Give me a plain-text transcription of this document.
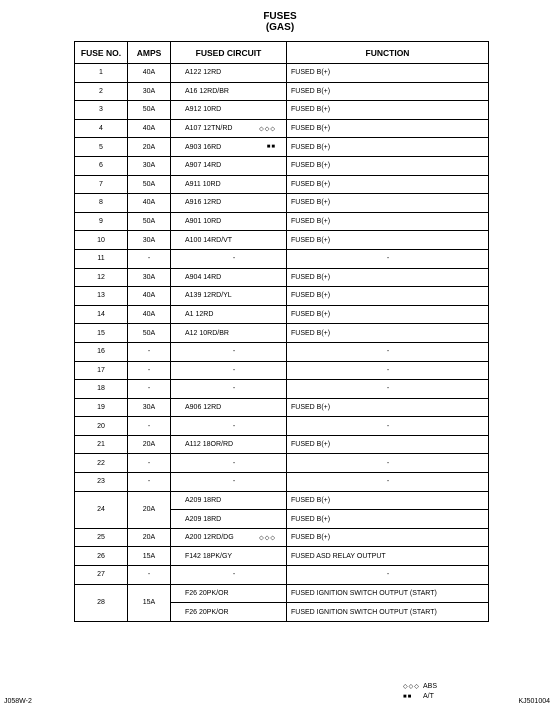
FUSES
(GAS)
FUSE NO.	AMPS	FUSED CIRCUIT	FUNCTION
1	40A	A122 12RD	FUSED B(+)
2	30A	A16 12RD/BR	FUSED B(+)
3	50A	A912 10RD	FUSED B(+)
4	40A	A107 12TN/RD ◇◇◇	FUSED B(+)
5	20A	A903 16RD ■■	FUSED B(+)
6	30A	A907 14RD	FUSED B(+)
7	50A	A911 10RD	FUSED B(+)
8	40A	A916 12RD	FUSED B(+)
9	50A	A901 10RD	FUSED B(+)
10	30A	A100 14RD/VT	FUSED B(+)
11	-	-	-
12	30A	A904 14RD	FUSED B(+)
13	40A	A139 12RD/YL	FUSED B(+)
14	40A	A1 12RD	FUSED B(+)
15	50A	A12 10RD/BR	FUSED B(+)
16	-	-	-
17	-	-	-
18	-	-	-
19	30A	A906 12RD	FUSED B(+)
20	-	-	-
21	20A	A112 18OR/RD	FUSED B(+)
22	-	-	-
23	-	-	-
24	20A	A209 18RD	FUSED B(+)
		A209 18RD	FUSED B(+)
25	20A	A200 12RD/DG ◇◇◇	FUSED B(+)
26	15A	F142 18PK/GY	FUSED ASD RELAY OUTPUT
27	-	-	-
28	15A	F26 20PK/OR	FUSED IGNITION SWITCH OUTPUT (START)
		F26 20PK/OR	FUSED IGNITION SWITCH OUTPUT (START)
◇◇◇ ABS
■■ A/T
J058W-2	KJ501004
